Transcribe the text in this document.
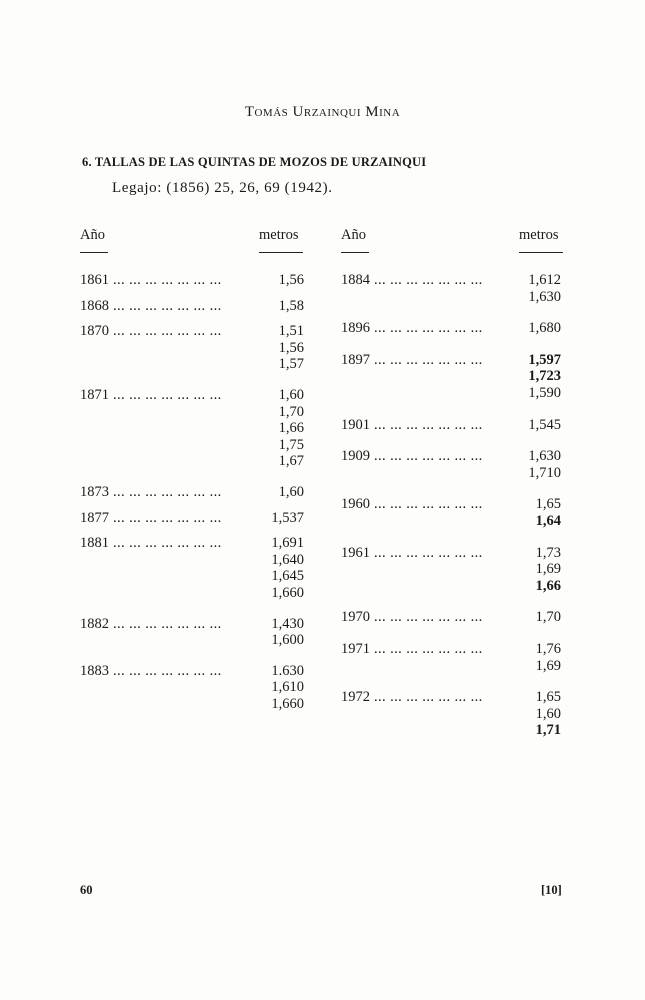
Tomás Urzainqui Mina
6. TALLAS DE LAS QUINTAS DE MOZOS DE URZAINQUI
Legajo: (1856) 25, 26, 69 (1942).
Año	metros	Año	metros
1861 ... ... ... ... ... ... ...	1,56
1868 ... ... ... ... ... ... ...	1,58
1870 ... ... ... ... ... ... ...	1,51
1,56
1,57
1871 ... ... ... ... ... ... ...	1,60
1,70
1,66
1,75
1,67
1873 ... ... ... ... ... ... ...	1,60
1877 ... ... ... ... ... ... ...	1,537
1881 ... ... ... ... ... ... ...	1,691
1,640
1,645
1,660
1882 ... ... ... ... ... ... ...	1,430
1,600
1883 ... ... ... ... ... ... ...	1.630
1,610
1,660
1884 ... ... ... ... ... ... ...	1,612
1,630
1896 ... ... ... ... ... ... ...	1,680
1897 ... ... ... ... ... ... ...	1,597
1,723
1,590
1901 ... ... ... ... ... ... ...	1,545
1909 ... ... ... ... ... ... ...	1,630
1,710
1960 ... ... ... ... ... ... ...	1,65
1,64
1961 ... ... ... ... ... ... ...	1,73
1,69
1,66
1970 ... ... ... ... ... ... ...	1,70
1971 ... ... ... ... ... ... ...	1,76
1,69
1972 ... ... ... ... ... ... ...	1,65
1,60
1,71
60	[10]
